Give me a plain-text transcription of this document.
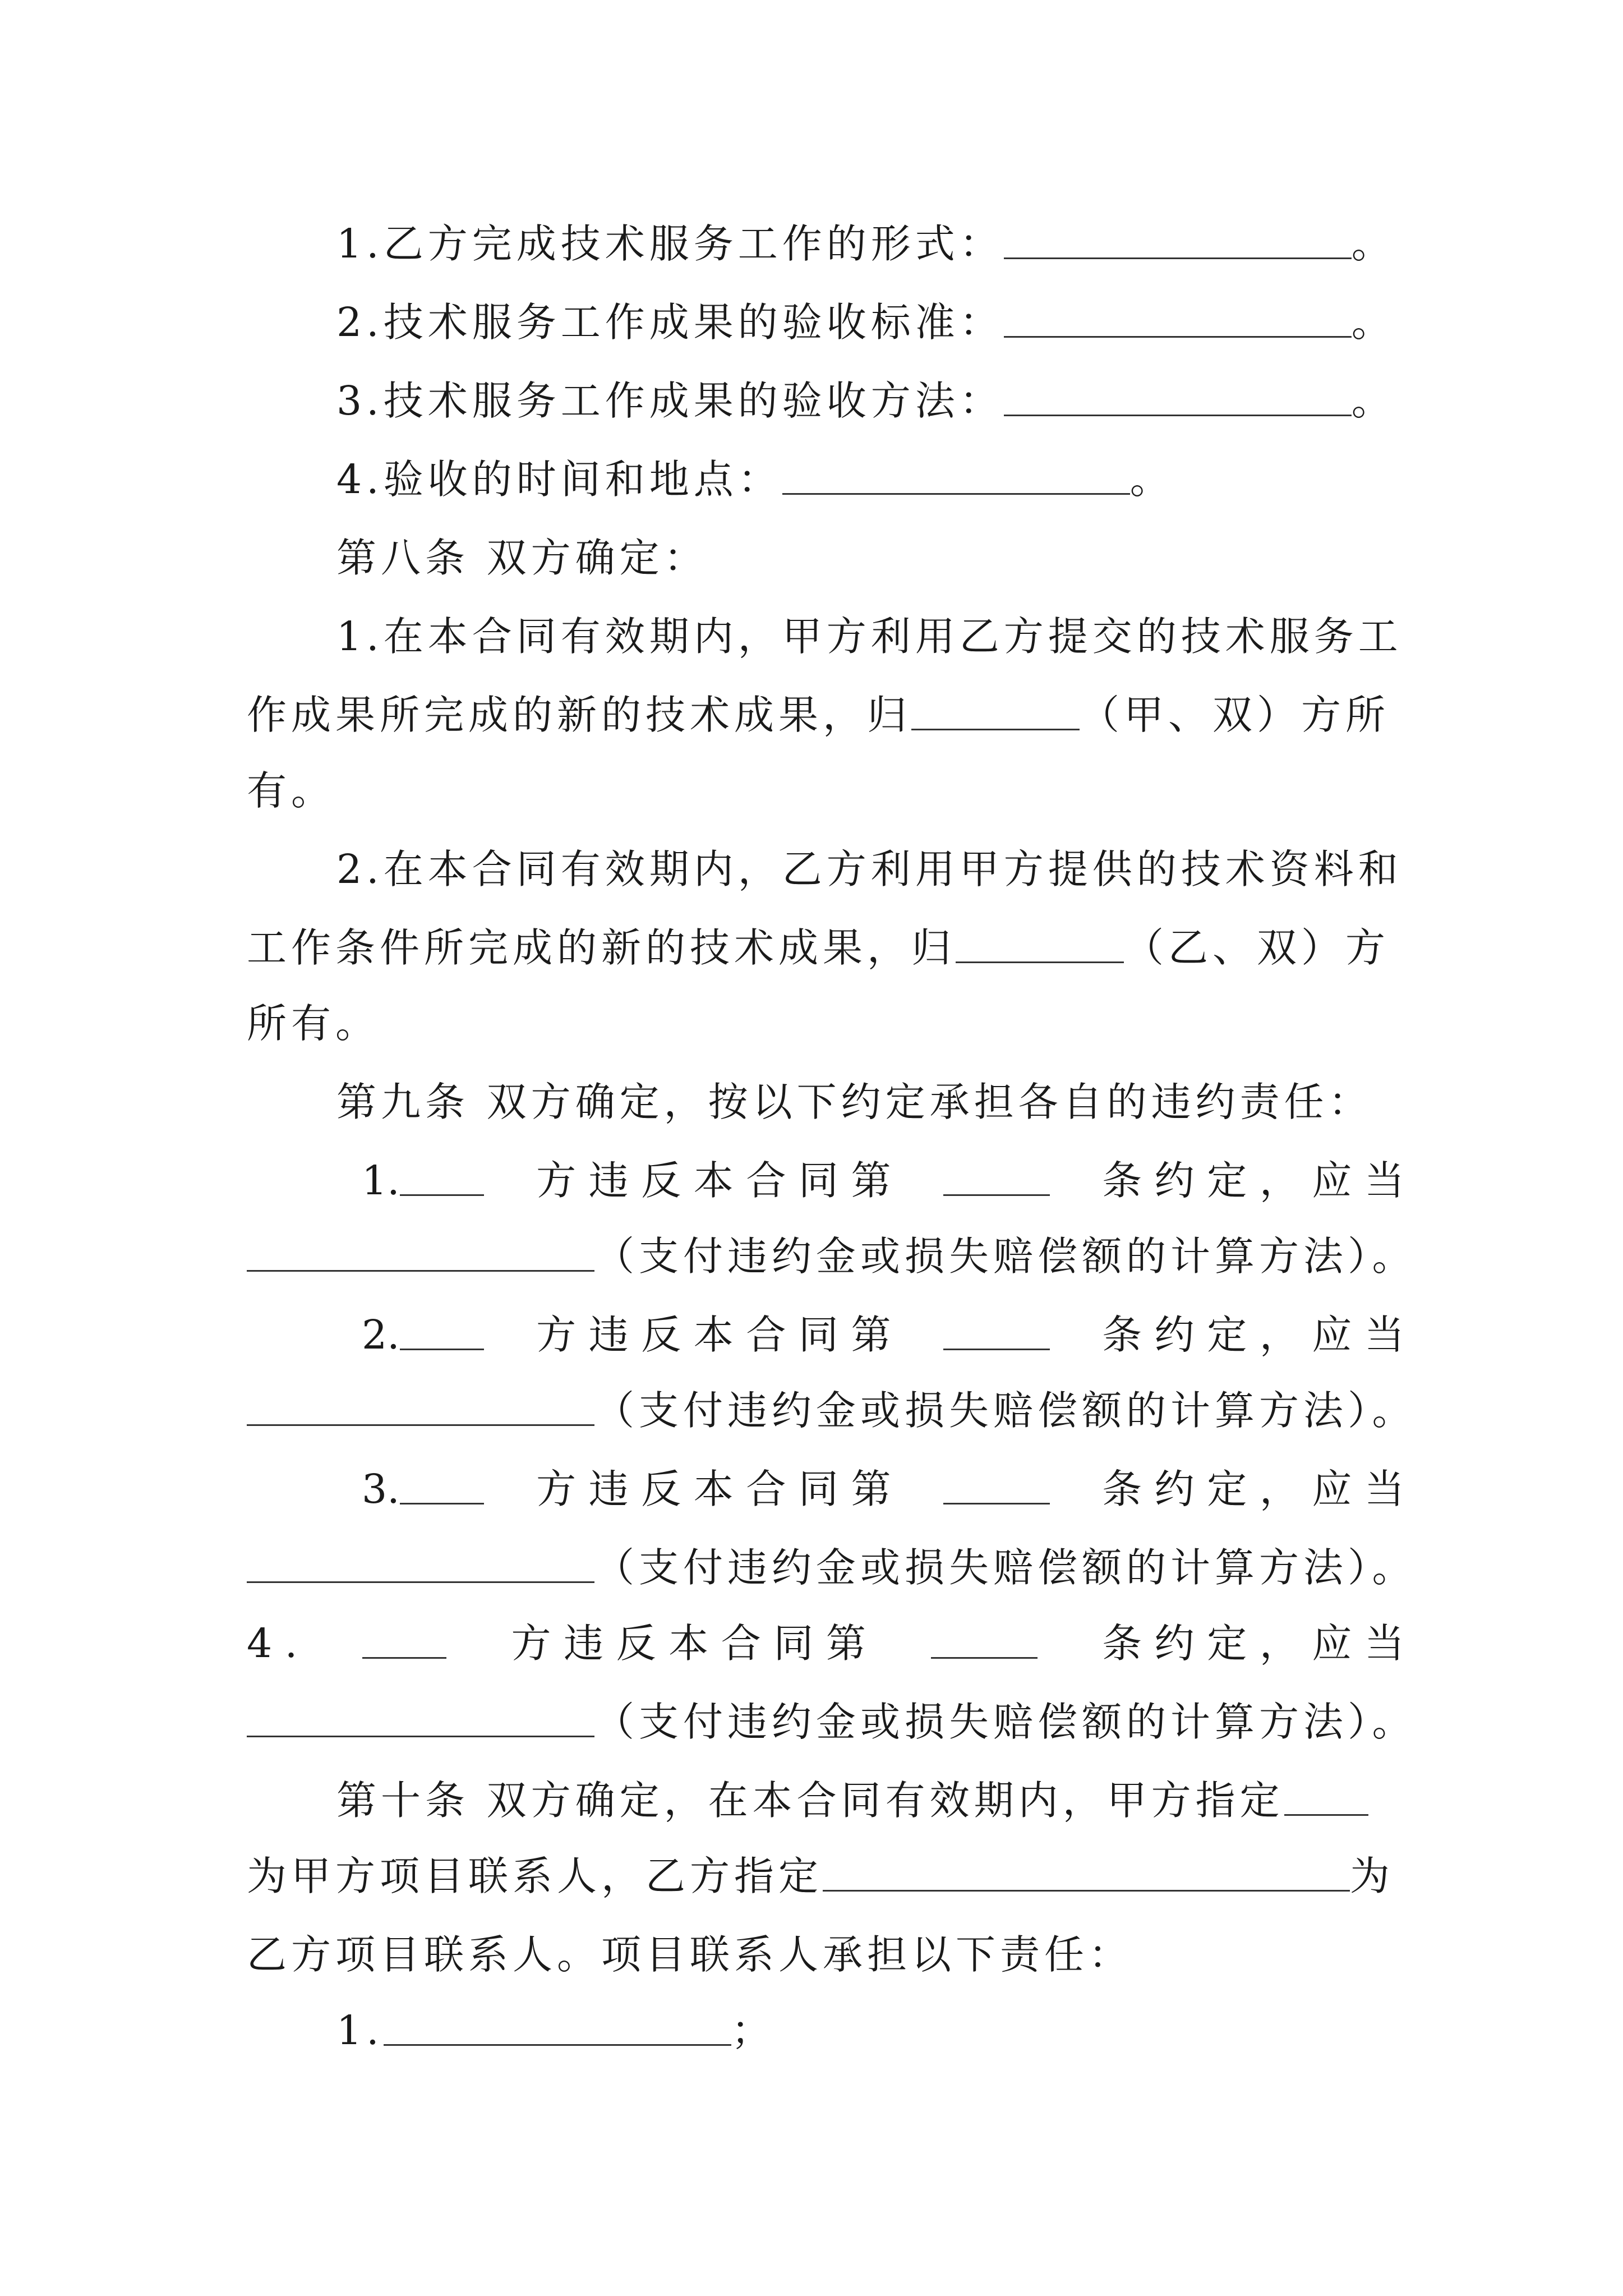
1.乙方完成技术服务工作的形式：	。
2.技术服务工作成果的验收标准：	。
3.技术服务工作成果的验收方法：	。
4.验收的时间和地点：	。
第八条 双方确定：
1.在本合同有效期内，甲方利用乙方提交的技术服务工
作成果所完成的新的技术成果，归	（甲、双）方所
有。
2.在本合同有效期内，乙方利用甲方提供的技术资料和
工作条件所完成的新的技术成果，归	（乙、双）方
所有。
第九条 双方确定，按以下约定承担各自的违约责任：
1.	方 违 反 本 合 同 第	条 约 定 ， 应 当
（支付违约金或损失赔偿额的计算方法）。
2.	方 违 反 本 合 同 第	条 约 定 ， 应 当
（支付违约金或损失赔偿额的计算方法）。
3.	方 违 反 本 合 同 第	条 约 定 ， 应 当
（支付违约金或损失赔偿额的计算方法）。
4 .	方 违 反 本 合 同 第	条 约 定 ， 应 当
（支付违约金或损失赔偿额的计算方法）。
第十条 双方确定，在本合同有效期内，甲方指定
为甲方项目联系人，乙方指定	为
乙方项目联系人。项目联系人承担以下责任：
1.	；
